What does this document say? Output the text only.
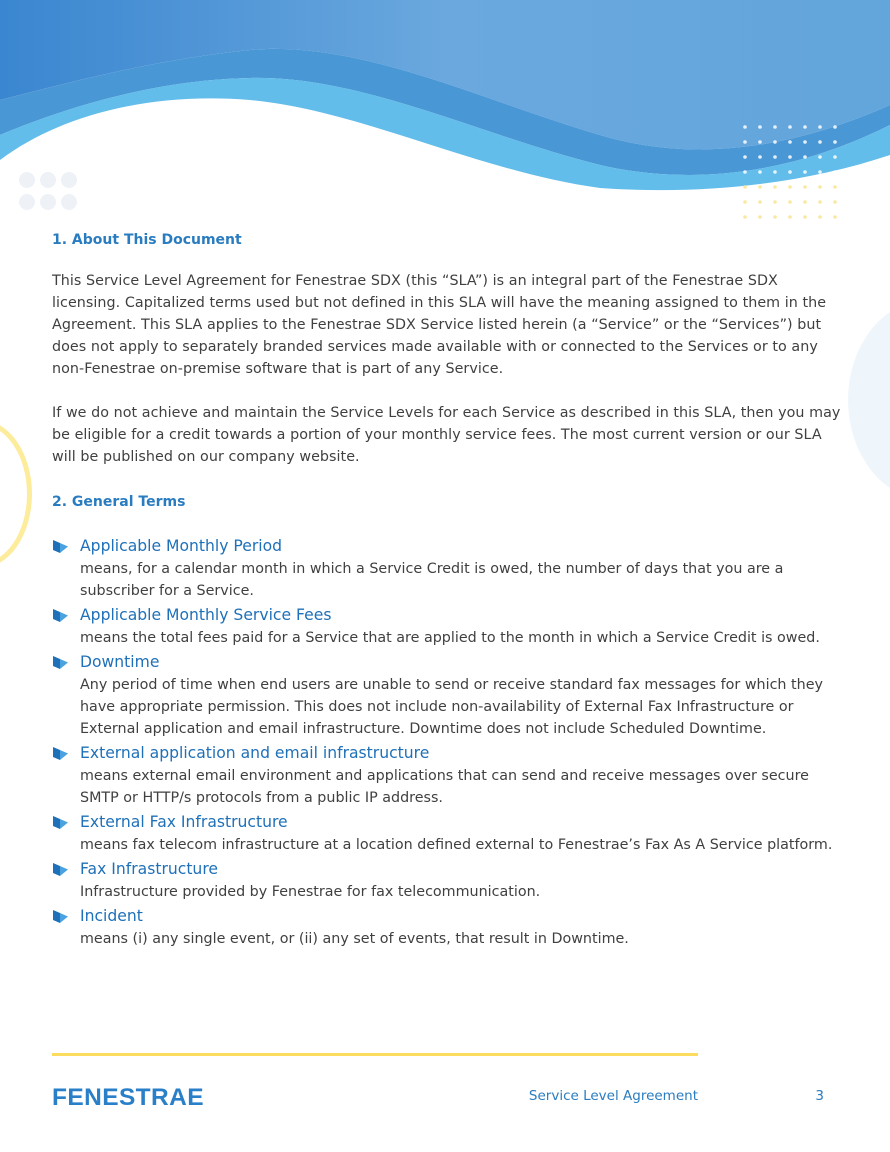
1. About This Document

This Service Level Agreement for Fenestrae SDX (this “SLA”) is an integral part of the Fenestrae SDX licensing. Capitalized terms used but not defined in this SLA will have the meaning assigned to them in the Agreement. This SLA applies to the Fenestrae SDX Service listed herein (a “Service” or the “Services”) but does not apply to separately branded services made available with or connected to the Services or to any non-Fenestrae on-premise software that is part of any Service.

If we do not achieve and maintain the Service Levels for each Service as described in this SLA, then you may be eligible for a credit towards a portion of your monthly service fees. The most current version or our SLA will be published on our company website.

2. General Terms
Applicable Monthly Period
means, for a calendar month in which a Service Credit is owed, the number of days that you are a subscriber for a Service.
Applicable Monthly Service Fees
means the total fees paid for a Service that are applied to the month in which a Service Credit is owed.
Downtime
Any period of time when end users are unable to send or receive standard fax messages for which they have appropriate permission. This does not include non-availability of External Fax Infrastructure or External application and email infrastructure. Downtime does not include Scheduled Downtime.
External application and email infrastructure
means external email environment and applications that can send and receive messages over secure SMTP or HTTP/s protocols from a public IP address.
External Fax Infrastructure
means fax telecom infrastructure at a location defined external to Fenestrae’s Fax As A Service platform.
Fax Infrastructure
Infrastructure provided by Fenestrae for fax telecommunication.
Incident
means (i) any single event, or (ii) any set of events, that result in Downtime.
FENESTRAE	Service Level Agreement	3
